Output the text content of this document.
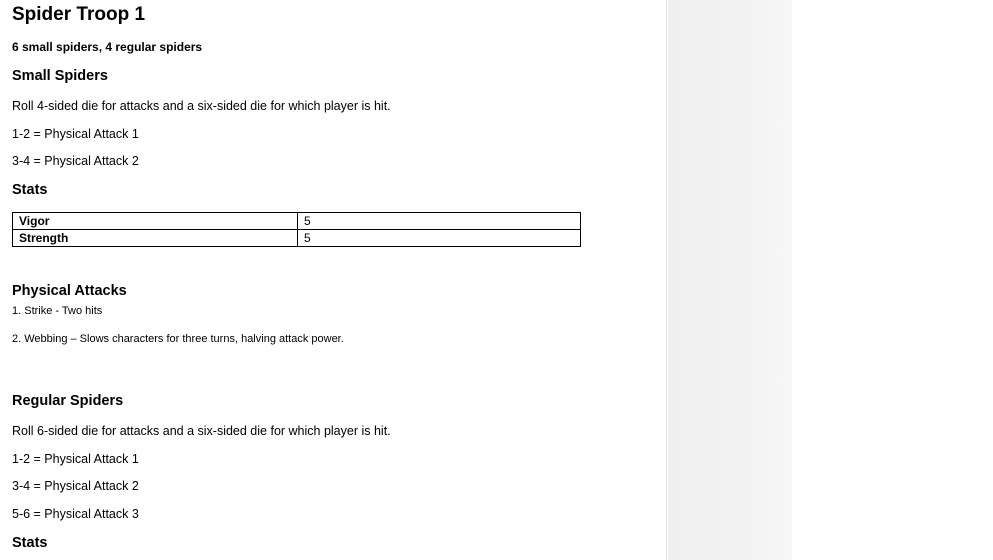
Spider Troop 1
6 small spiders, 4 regular spiders
Small Spiders
Roll 4-sided die for attacks and a six-sided die for which player is hit.
1-2 = Physical Attack 1
3-4 = Physical Attack 2
Stats
Vigor	5
Strength	5
Physical Attacks
1. Strike - Two hits
2. Webbing – Slows characters for three turns, halving attack power.
Regular Spiders
Roll 6-sided die for attacks and a six-sided die for which player is hit.
1-2 = Physical Attack 1
3-4 = Physical Attack 2
5-6 = Physical Attack 3
Stats
